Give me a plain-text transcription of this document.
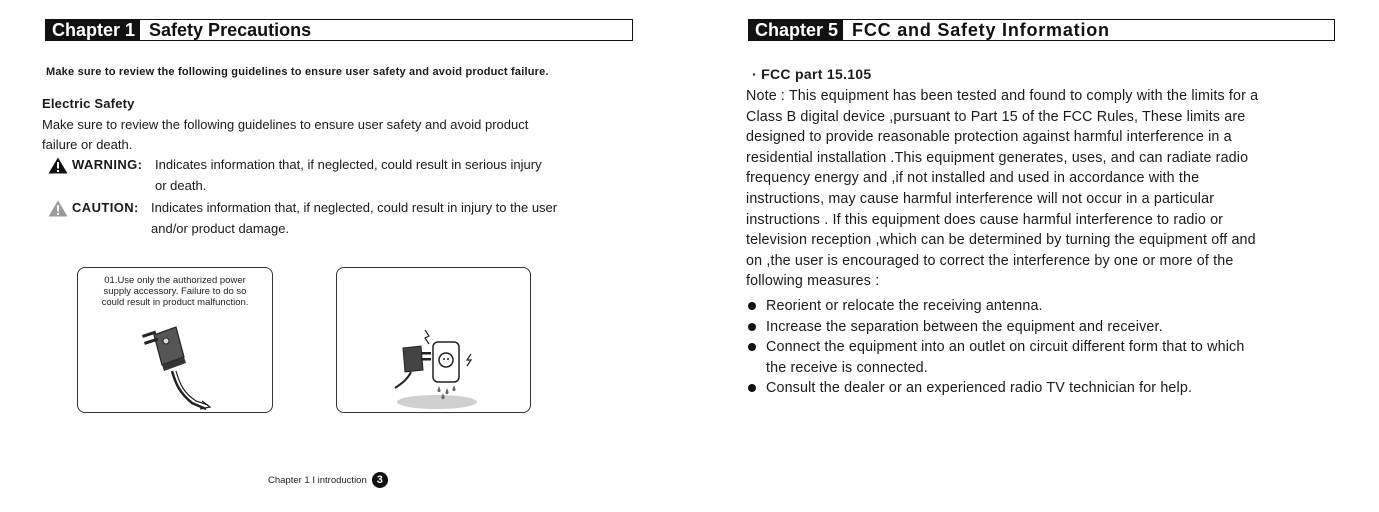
Chapter 1 Safety Precautions
Make sure to review the following guidelines to ensure user safety and avoid product failure.
Electric Safety
Make sure to review the following guidelines to ensure user safety and avoid product
failure or death.
WARNING: Indicates information that, if neglected, could result in serious injury
or death.
CAUTION: Indicates information that, if neglected, could result in injury to the user
and/or product damage.
01.Use only the authorized power
supply accessory. Failure to do so
could result in product malfunction.
Chapter 1 I introduction 3
Chapter 5 FCC and Safety Information
· FCC part 15.105
Note : This equipment has been tested and found to comply with the limits for a
Class B digital device ,pursuant to Part 15 of the FCC Rules, These limits are
designed to provide reasonable protection against harmful interference in a
residential installation .This equipment generates, uses, and can radiate radio
frequency energy and ,if not installed and used in accordance with the
instructions, may cause harmful interference will not occur in a particular
instructions . If this equipment does cause harmful interference to radio or
television reception ,which can be determined by turning the equipment off and
on ,the user is encouraged to correct the interference by one or more of the
following measures :
Reorient or relocate the receiving antenna.
Increase the separation between the equipment and receiver.
Connect the equipment into an outlet on circuit different form that to which
the receive is connected.
Consult the dealer or an experienced radio TV technician for help.
